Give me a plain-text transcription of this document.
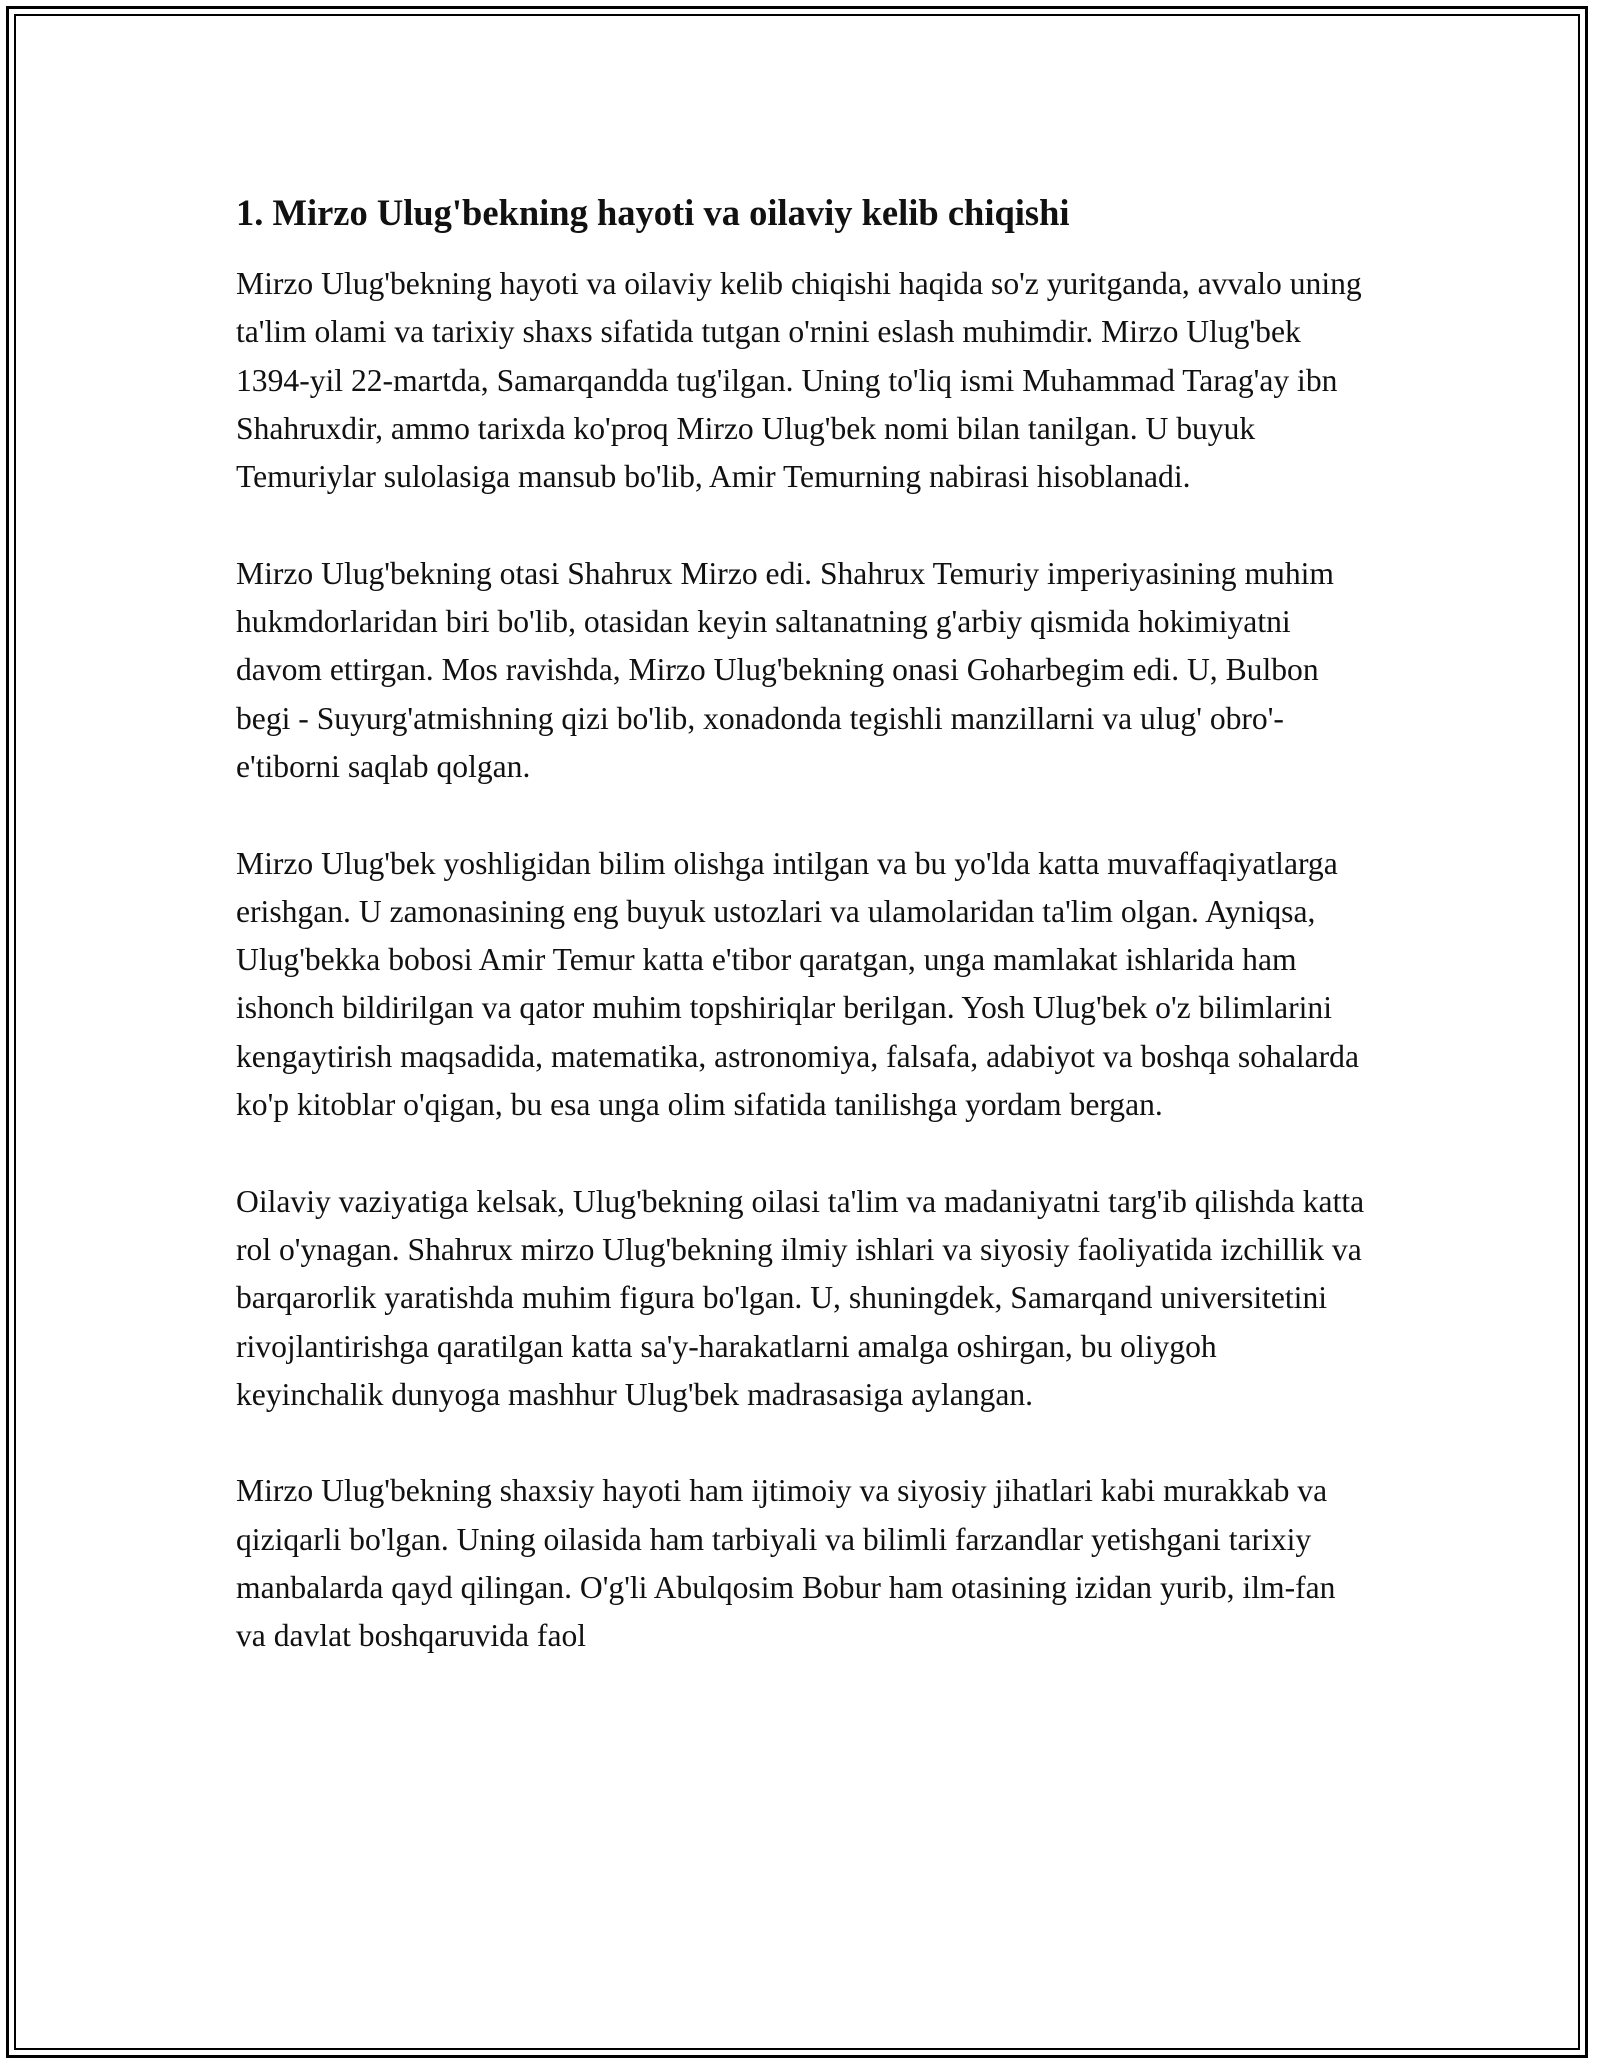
1. Mirzo Ulug'bekning hayoti va oilaviy kelib chiqishi

Mirzo Ulug'bekning hayoti va oilaviy kelib chiqishi haqida so'z yuritganda, avvalo uning ta'lim olami va tarixiy shaxs sifatida tutgan o'rnini eslash muhimdir. Mirzo Ulug'bek 1394-yil 22-martda, Samarqandda tug'ilgan. Uning to'liq ismi Muhammad Tarag'ay ibn Shahruxdir, ammo tarixda ko'proq Mirzo Ulug'bek nomi bilan tanilgan. U buyuk Temuriylar sulolasiga mansub bo'lib, Amir Temurning nabirasi hisoblanadi.

Mirzo Ulug'bekning otasi Shahrux Mirzo edi. Shahrux Temuriy imperiyasining muhim hukmdorlaridan biri bo'lib, otasidan keyin saltanatning g'arbiy qismida hokimiyatni davom ettirgan. Mos ravishda, Mirzo Ulug'bekning onasi Goharbegim edi. U, Bulbon begi - Suyurg'atmishning qizi bo'lib, xonadonda tegishli manzillarni va ulug' obro'-e'tiborni saqlab qolgan.

Mirzo Ulug'bek yoshligidan bilim olishga intilgan va bu yo'lda katta muvaffaqiyatlarga erishgan. U zamonasining eng buyuk ustozlari va ulamolaridan ta'lim olgan. Ayniqsa, Ulug'bekka bobosi Amir Temur katta e'tibor qaratgan, unga mamlakat ishlarida ham ishonch bildirilgan va qator muhim topshiriqlar berilgan. Yosh Ulug'bek o'z bilimlarini kengaytirish maqsadida, matematika, astronomiya, falsafa, adabiyot va boshqa sohalarda ko'p kitoblar o'qigan, bu esa unga olim sifatida tanilishga yordam bergan.

Oilaviy vaziyatiga kelsak, Ulug'bekning oilasi ta'lim va madaniyatni targ'ib qilishda katta rol o'ynagan. Shahrux mirzo Ulug'bekning ilmiy ishlari va siyosiy faoliyatida izchillik va barqarorlik yaratishda muhim figura bo'lgan. U, shuningdek, Samarqand universitetini rivojlantirishga qaratilgan katta sa'y-harakatlarni amalga oshirgan, bu oliygoh keyinchalik dunyoga mashhur Ulug'bek madrasasiga aylangan.

Mirzo Ulug'bekning shaxsiy hayoti ham ijtimoiy va siyosiy jihatlari kabi murakkab va qiziqarli bo'lgan. Uning oilasida ham tarbiyali va bilimli farzandlar yetishgani tarixiy manbalarda qayd qilingan. O'g'li Abulqosim Bobur ham otasining izidan yurib, ilm-fan va davlat boshqaruvida faol
